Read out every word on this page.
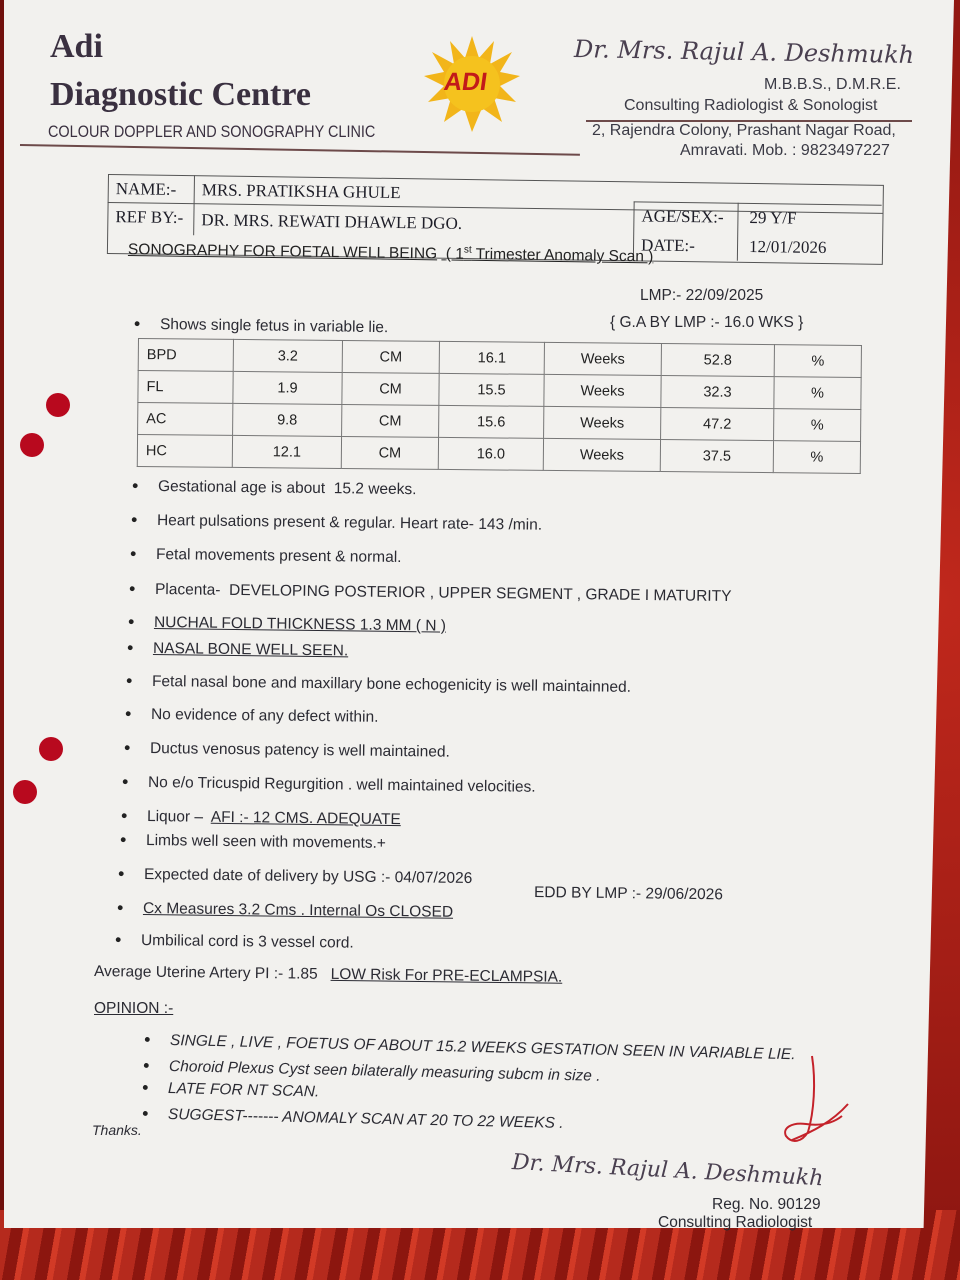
Adi
Diagnostic Centre
COLOUR DOPPLER AND SONOGRAPHY CLINIC
ADI
Dr. Mrs. Rajul A. Deshmukh
M.B.B.S., D.M.R.E.
Consulting Radiologist & Sonologist
2, Rajendra Colony, Prashant Nagar Road,
Amravati. Mob. : 9823497227
NAME:- MRS. PRATIKSHA GHULE
REF BY:- DR. MRS. REWATI DHAWLE DGO.	AGE/SEX:- 29 Y/F
DATE:-	12/01/2026
SONOGRAPHY FOR FOETAL WELL BEING ( 1st Trimester Anomaly Scan )
LMP:- 22/09/2025
{ G.A BY LMP :- 16.0 WKS }
• Shows single fetus in variable lie.
BPD	3.2	CM	16.1	Weeks	52.8	%
FL	1.9	CM	15.5	Weeks	32.3	%
AC	9.8	CM	15.6	Weeks	47.2	%
HC	12.1	CM	16.0	Weeks	37.5	%
• Gestational age is about 15.2 weeks.
• Heart pulsations present & regular. Heart rate- 143 /min.
• Fetal movements present & normal.
• Placenta- DEVELOPING POSTERIOR , UPPER SEGMENT , GRADE I MATURITY
• NUCHAL FOLD THICKNESS 1.3 MM ( N )
• NASAL BONE WELL SEEN.
• Fetal nasal bone and maxillary bone echogenicity is well maintainned.
• No evidence of any defect within.
• Ductus venosus patency is well maintained.
• No e/o Tricuspid Regurgition . well maintained velocities.
• Liquor – AFI :- 12 CMS. ADEQUATE
• Limbs well seen with movements.+
• Expected date of delivery by USG :- 04/07/2026
EDD BY LMP :- 29/06/2026
• Cx Measures 3.2 Cms . Internal Os CLOSED
• Umbilical cord is 3 vessel cord.
Average Uterine Artery PI :- 1.85 LOW Risk For PRE-ECLAMPSIA.
OPINION :-
• SINGLE , LIVE , FOETUS OF ABOUT 15.2 WEEKS GESTATION SEEN IN VARIABLE LIE.
• Choroid Plexus Cyst seen bilaterally measuring subcm in size .
• LATE FOR NT SCAN.
• SUGGEST------- ANOMALY SCAN AT 20 TO 22 WEEKS .
Thanks.
Dr. Mrs. Rajul A. Deshmukh
Reg. No. 90129
Consulting Radiologist
